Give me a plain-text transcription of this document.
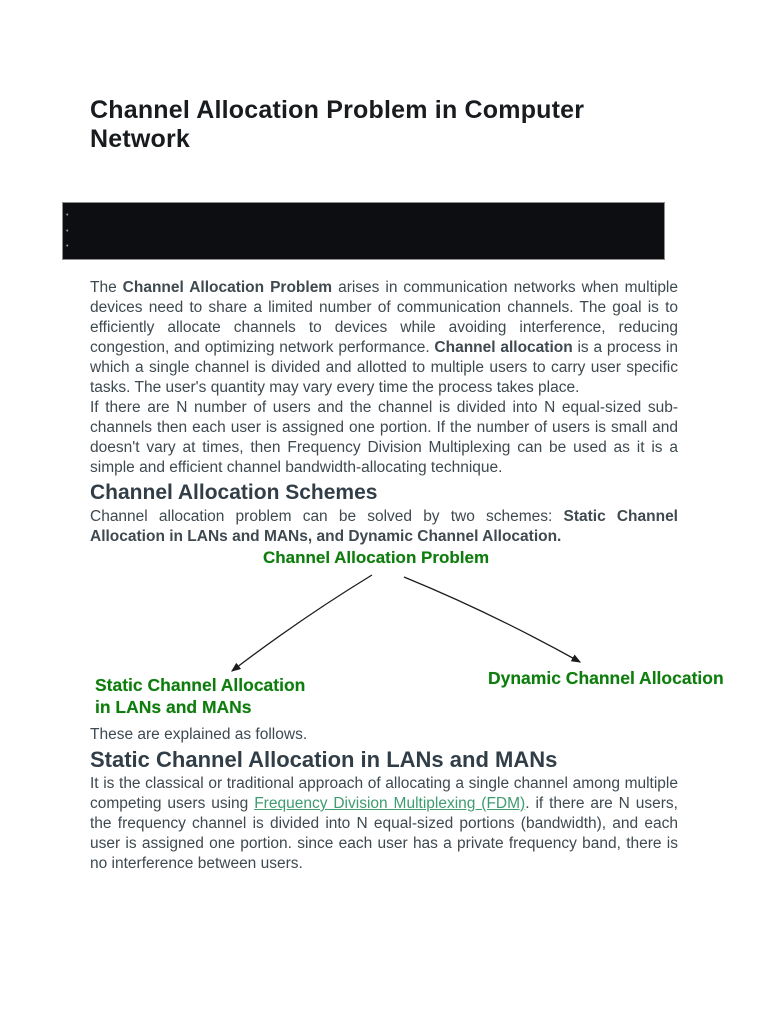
Channel Allocation Problem in Computer Network
•
•
•

The Channel Allocation Problem arises in communication networks when multiple devices need to share a limited number of communication channels. The goal is to efficiently allocate channels to devices while avoiding interference, reducing congestion, and optimizing network performance. Channel allocation is a process in which a single channel is divided and allotted to multiple users to carry user specific tasks. The user's quantity may vary every time the process takes place.

If there are N number of users and the channel is divided into N equal-sized sub-channels then each user is assigned one portion. If the number of users is small and doesn't vary at times, then Frequency Division Multiplexing can be used as it is a simple and efficient channel bandwidth-allocating technique.

Channel Allocation Schemes

Channel allocation problem can be solved by two schemes: Static Channel Allocation in LANs and MANs, and Dynamic Channel Allocation.

Channel Allocation Problem
Static Channel Allocation
in LANs and MANs
Dynamic Channel Allocation

These are explained as follows.

Static Channel Allocation in LANs and MANs

It is the classical or traditional approach of allocating a single channel among multiple competing users using Frequency Division Multiplexing (FDM). if there are N users, the frequency channel is divided into N equal-sized portions (bandwidth), and each user is assigned one portion. since each user has a private frequency band, there is no interference between users.
